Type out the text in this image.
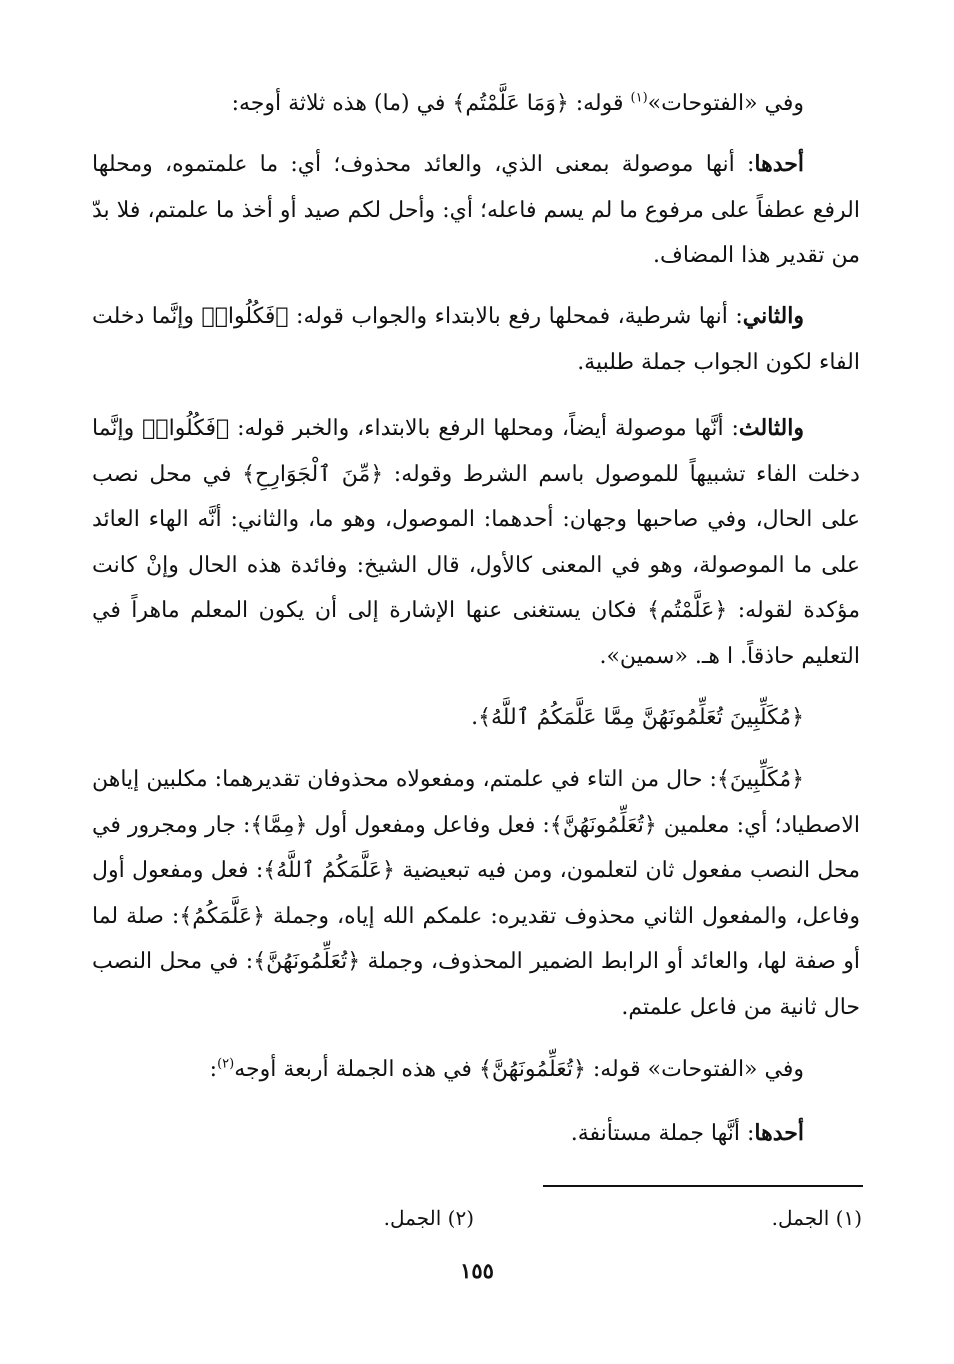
وفي «الفتوحات»$^{(١)}$ قوله: ﴿وَمَا عَلَّمْتُم﴾ في (ما) هذه ثلاثة أوجه:
أحدها: أنها موصولة بمعنى الذي، والعائد محذوف؛ أي: ما علمتموه، ومحلها الرفع عطفاً على مرفوع ما لم يسم فاعله؛ أي: وأحل لكم صيد أو أخذ ما علمتم، فلا بدّ من تقدير هذا المضاف.
والثاني: أنها شرطية، فمحلها رفع بالابتداء والجواب قوله: ﴿فَكُلُوا۟﴾ وإنَّما دخلت الفاء لكون الجواب جملة طلبية.
والثالث: أنَّها موصولة أيضاً، ومحلها الرفع بالابتداء، والخبر قوله: ﴿فَكُلُوا۟﴾ وإنَّما دخلت الفاء تشبيهاً للموصول باسم الشرط وقوله: ﴿مِّنَ ٱلْجَوَارِحِ﴾ في محل نصب على الحال، وفي صاحبها وجهان: أحدهما: الموصول، وهو ما، والثاني: أنَّه الهاء العائد على ما الموصولة، وهو في المعنى كالأول، قال الشيخ: وفائدة هذه الحال وإنْ كانت مؤكدة لقوله: ﴿عَلَّمْتُم﴾ فكان يستغنى عنها الإشارة إلى أن يكون المعلم ماهراً في التعليم حاذقاً. ا هـ. «سمين».
﴿مُكَلِّبِينَ تُعَلِّمُونَهُنَّ مِمَّا عَلَّمَكُمُ ٱللَّهُ﴾.
﴿مُكَلِّبِينَ﴾: حال من التاء في علمتم، ومفعولاه محذوفان تقديرهما: مكلبين إياهن الاصطياد؛ أي: معلمين ﴿تُعَلِّمُونَهُنَّ﴾: فعل وفاعل ومفعول أول ﴿مِمَّا﴾: جار ومجرور في محل النصب مفعول ثان لتعلمون، ومن فيه تبعيضية ﴿عَلَّمَكُمُ ٱللَّهُ﴾: فعل ومفعول أول وفاعل، والمفعول الثاني محذوف تقديره: علمكم الله إياه، وجملة ﴿عَلَّمَكُمُ﴾: صلة لما أو صفة لها، والعائد أو الرابط الضمير المحذوف، وجملة ﴿تُعَلِّمُونَهُنَّ﴾: في محل النصب حال ثانية من فاعل علمتم.
وفي «الفتوحات» قوله: ﴿تُعَلِّمُونَهُنَّ﴾ في هذه الجملة أربعة أوجه$^{(٢)}$:
أحدها: أنَّها جملة مستأنفة.
(١) الجمل.
(٢) الجمل.
١٥٥
